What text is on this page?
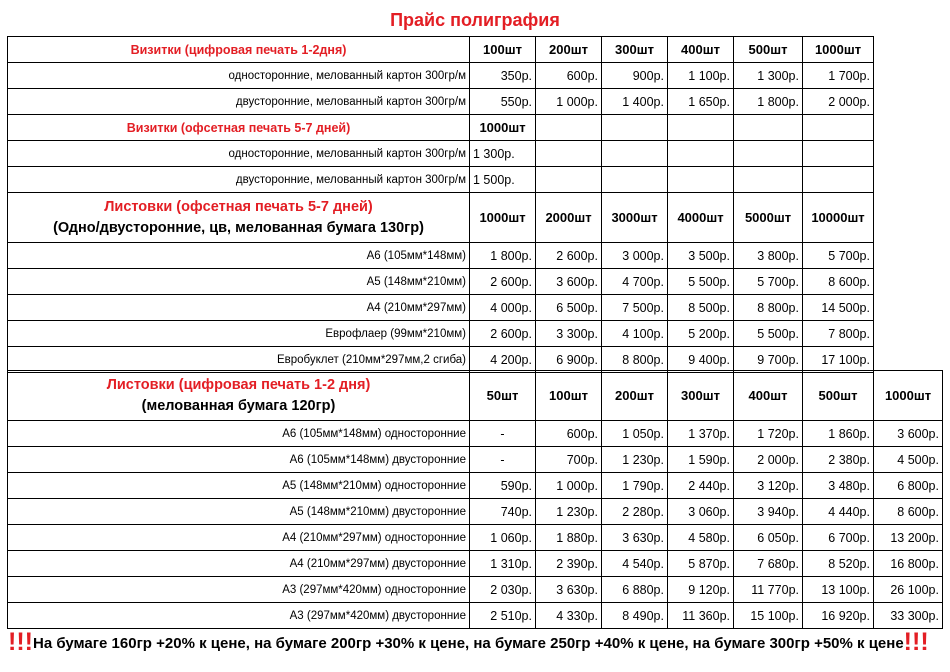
Прайс полиграфия
Визитки (цифровая печать 1-2дня)	100шт	200шт	300шт	400шт	500шт	1000шт
односторонние, мелованный картон 300гр/м	350р.	600р.	900р.	1 100р.	1 300р.	1 700р.
двусторонние, мелованный картон 300гр/м	550р.	1 000р.	1 400р.	1 650р.	1 800р.	2 000р.
Визитки (офсетная печать 5-7 дней)	1000шт					
односторонние, мелованный картон 300гр/м	1 300р.					
двусторонние, мелованный картон 300гр/м	1 500р.					
Листовки (офсетная печать 5-7 дней)
(Одно/двусторонние, цв, мелованная бумага 130гр)	1000шт	2000шт	3000шт	4000шт	5000шт	10000шт
А6 (105мм*148мм)	1 800р.	2 600р.	3 000р.	3 500р.	3 800р.	5 700р.
А5 (148мм*210мм)	2 600р.	3 600р.	4 700р.	5 500р.	5 700р.	8 600р.
А4 (210мм*297мм)	4 000р.	6 500р.	7 500р.	8 500р.	8 800р.	14 500р.
Еврофлаер (99мм*210мм)	2 600р.	3 300р.	4 100р.	5 200р.	5 500р.	7 800р.
Евробуклет (210мм*297мм,2 сгиба)	4 200р.	6 900р.	8 800р.	9 400р.	9 700р.	17 100р.
Листовки (цифровая печать 1-2 дня)
(мелованная бумага 120гр)	50шт	100шт	200шт	300шт	400шт	500шт	1000шт
А6 (105мм*148мм) односторонние	-	600р.	1 050р.	1 370р.	1 720р.	1 860р.	3 600р.
А6 (105мм*148мм) двусторонние	-	700р.	1 230р.	1 590р.	2 000р.	2 380р.	4 500р.
А5 (148мм*210мм) односторонние	590р.	1 000р.	1 790р.	2 440р.	3 120р.	3 480р.	6 800р.
А5 (148мм*210мм) двусторонние	740р.	1 230р.	2 280р.	3 060р.	3 940р.	4 440р.	8 600р.
А4 (210мм*297мм) односторонние	1 060р.	1 880р.	3 630р.	4 580р.	6 050р.	6 700р.	13 200р.
А4 (210мм*297мм) двусторонние	1 310р.	2 390р.	4 540р.	5 870р.	7 680р.	8 520р.	16 800р.
А3 (297мм*420мм) односторонние	2 030р.	3 630р.	6 880р.	9 120р.	11 770р.	13 100р.	26 100р.
А3 (297мм*420мм) двусторонние	2 510р.	4 330р.	8 490р.	11 360р.	15 100р.	16 920р.	33 300р.
!!!На бумаге 160гр +20% к цене, на бумаге 200гр +30% к цене, на бумаге 250гр +40% к цене, на бумаге 300гр +50% к цене!!!
